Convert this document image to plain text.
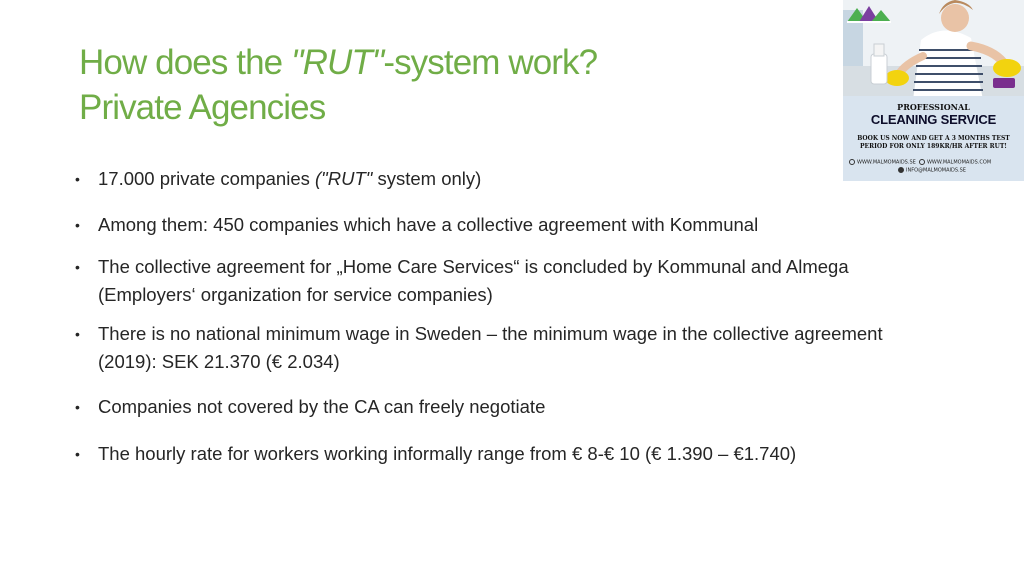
How does the "RUT"-system work?
Private Agencies
• 17.000 private companies ("RUT" system only)
• Among them: 450 companies which have a collective agreement with Kommunal
• The collective agreement for „Home Care Services“ is concluded by Kommunal and Almega (Employers‘ organization for service companies)
• There is no national minimum wage in Sweden – the minimum wage in the collective agreement (2019): SEK 21.370 (€ 2.034)
• Companies not covered by the CA can freely negotiate
• The hourly rate for workers working informally range from € 8-€ 10 (€ 1.390 – €1.740)
PROFESSIONAL
CLEANING SERVICE
BOOK US NOW AND GET A 3 MONTHS TEST PERIOD FOR ONLY 189KR/HR AFTER RUT!
WWW.MALMOMAIDS.SE WWW.MALMOMAIDS.COM
INFO@MALMOMAIDS.SE
